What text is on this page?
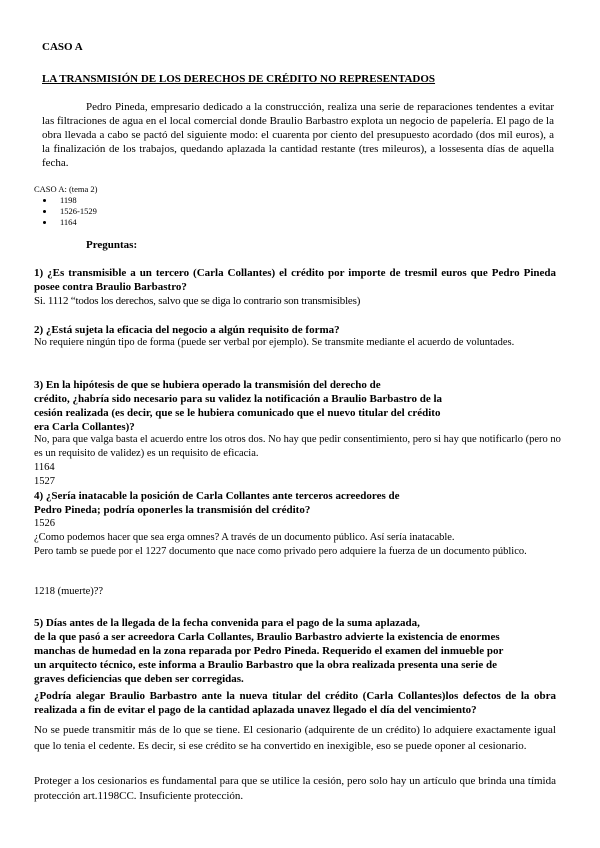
CASO A

LA TRANSMISIÓN DE LOS DERECHOS DE CRÉDITO NO REPRESENTADOS

Pedro Pineda, empresario dedicado a la construcción, realiza una serie de reparaciones tendentes a evitar las filtraciones de agua en el local comercial donde Braulio Barbastro explota un negocio de papelería. El pago de la obra llevada a cabo se pactó del siguiente modo: el cuarenta por ciento del presupuesto acordado (dos mil euros), a la finalización de los trabajos, quedando aplazada la cantidad restante (tres mileuros), a lossesenta días de aquella fecha.

CASO A: (tema 2)
1198
1526-1529
1164

Preguntas:

1) ¿Es transmisible a un tercero (Carla Collantes) el crédito por importe de tresmil euros que Pedro Pineda posee contra Braulio Barbastro?

Si. 1112 “todos los derechos, salvo que se diga lo contrario son transmisibles)

2) ¿Está sujeta la eficacia del negocio a algún requisito de forma?

No requiere ningún tipo de forma (puede ser verbal por ejemplo). Se transmite mediante el acuerdo de voluntades.

3) En la hipótesis de que se hubiera operado la transmisión del derecho de
crédito, ¿habría sido necesario para su validez la notificación a Braulio Barbastro de la
cesión realizada (es decir, que se le hubiera comunicado que el nuevo titular del crédito
era Carla Collantes)?

No, para que valga basta el acuerdo entre los otros dos. No hay que pedir consentimiento, pero si hay que notificarlo (pero no es un requisito de validez) es un requisito de eficacia.

1164

1527

4) ¿Sería inatacable la posición de Carla Collantes ante terceros acreedores de
Pedro Pineda; podría oponerles la transmisión del crédito?

1526

¿Como podemos hacer que sea erga omnes? A través de un documento público. Así sería inatacable.

Pero tamb se puede por el 1227 documento que nace como privado pero adquiere la fuerza de un documento público.

1218 (muerte)??

5) Días antes de la llegada de la fecha convenida para el pago de la suma aplazada,
de la que pasó a ser acreedora Carla Collantes, Braulio Barbastro advierte la existencia de enormes
manchas de humedad en la zona reparada por Pedro Pineda. Requerido el examen del inmueble por
un arquitecto técnico, este informa a Braulio Barbastro que la obra realizada presenta una serie de
graves deficiencias que deben ser corregidas.

¿Podría alegar Braulio Barbastro ante la nueva titular del crédito (Carla Collantes)los defectos de la obra realizada a fin de evitar el pago de la cantidad aplazada unavez llegado el día del vencimiento?

No se puede transmitir más de lo que se tiene. El cesionario (adquirente de un crédito) lo adquiere exactamente igual que lo tenia el cedente. Es decir, si ese crédito se ha convertido en inexigible, eso se puede oponer al cesionario.

Proteger a los cesionarios es fundamental para que se utilice la cesión, pero solo hay un artículo que brinda una tímida protección art.1198CC. Insuficiente protección.
